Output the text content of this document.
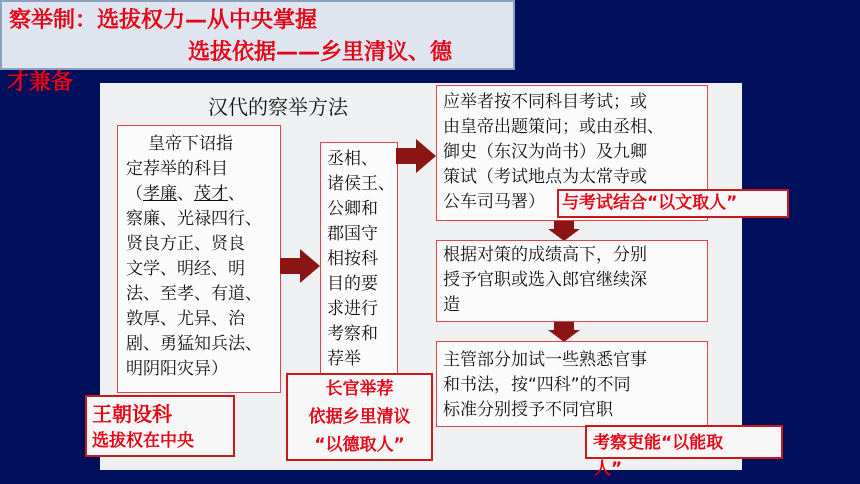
察举制：选拔权力—从中央掌握
选拔依据——乡里清议、德
才兼备
汉代的察举方法
皇帝下诏指
定荐举的科目
（孝廉、茂才、
察廉、光禄四行、
贤良方正、贤良
文学、明经、明
法、至孝、有道、
敦厚、尤异、治
剧、勇猛知兵法、
明阴阳灾异）
丞相、
诸侯王、
公卿和
郡国守
相按科
目的要
求进行
考察和
荐举
应举者按不同科目考试；或
由皇帝出题策问；或由丞相、
御史（东汉为尚书）及九卿
策试（考试地点为太常寺或
公车司马署）
根据对策的成绩高下，分别
授予官职或选入郎官继续深
造
主管部分加试一些熟悉官事
和书法，按“四科”的不同
标准分别授予不同官职
与考试结合“以文取人”
王朝设科
选拔权在中央
长官举荐
依据乡里清议
“以德取人”	考察吏能“以能取
人”
